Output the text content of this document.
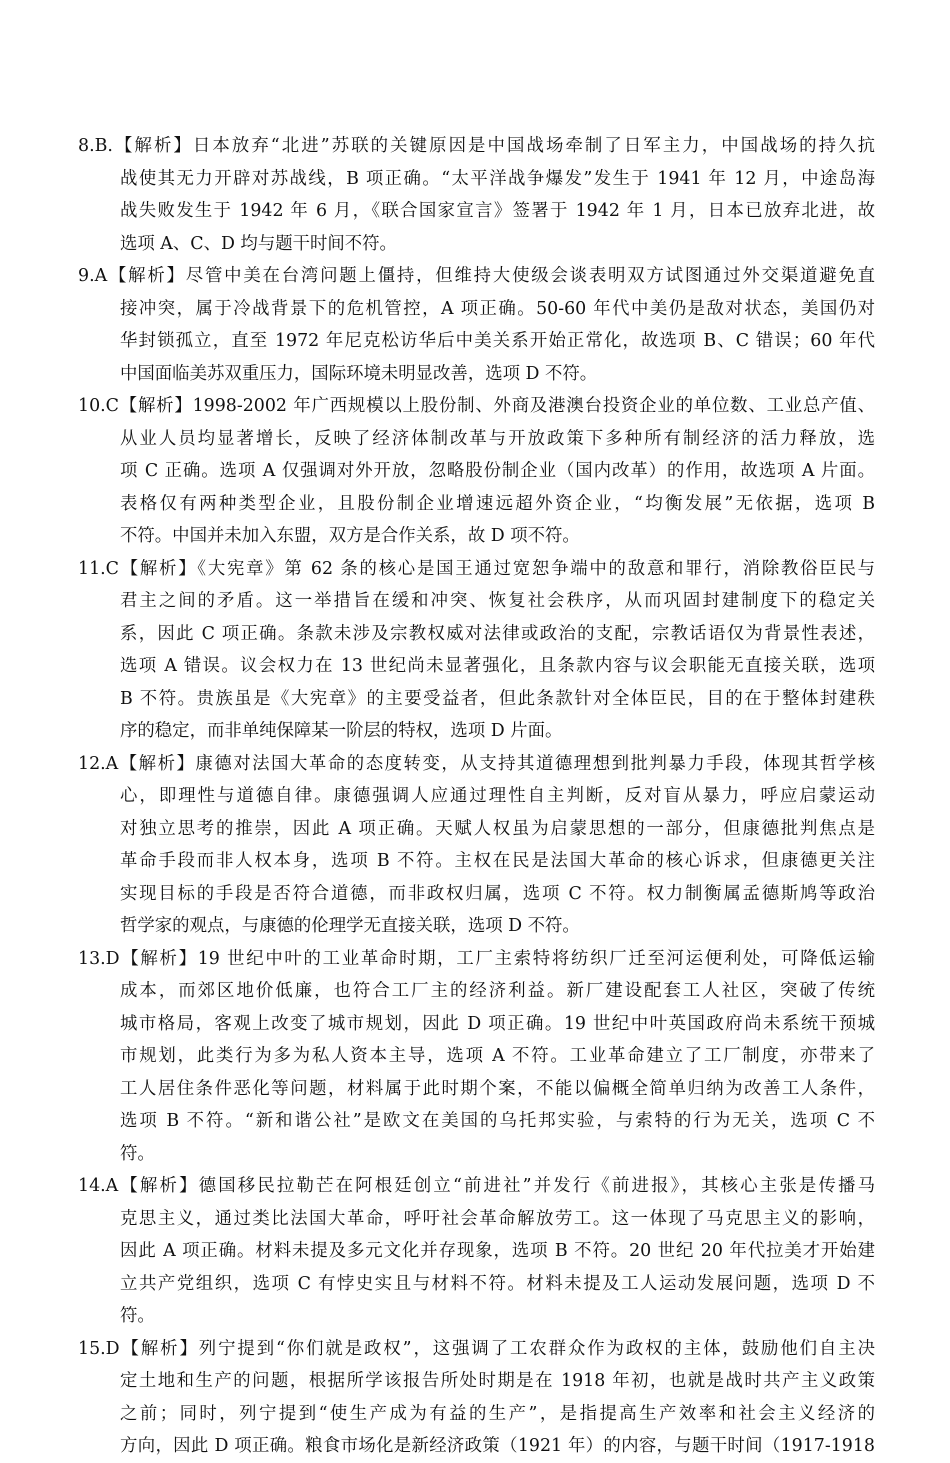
8.B.【解析】日本放弃“北进”苏联的关键原因是中国战场牵制了日军主力，中国战场的持久抗
战使其无力开辟对苏战线，B 项正确。“太平洋战争爆发”发生于 1941 年 12 月，中途岛海
战失败发生于 1942 年 6 月，《联合国家宣言》签署于 1942 年 1 月，日本已放弃北进，故
选项 A、C、D 均与题干时间不符。
9.A【解析】尽管中美在台湾问题上僵持，但维持大使级会谈表明双方试图通过外交渠道避免直
接冲突，属于冷战背景下的危机管控，A 项正确。50-60 年代中美仍是敌对状态，美国仍对
华封锁孤立，直至 1972 年尼克松访华后中美关系开始正常化，故选项 B、C 错误；60 年代
中国面临美苏双重压力，国际环境未明显改善，选项 D 不符。
10.C【解析】1998-2002 年广西规模以上股份制、外商及港澳台投资企业的单位数、工业总产值、
从业人员均显著增长，反映了经济体制改革与开放政策下多种所有制经济的活力释放，选
项 C 正确。选项 A 仅强调对外开放，忽略股份制企业（国内改革）的作用，故选项 A 片面。
表格仅有两种类型企业，且股份制企业增速远超外资企业，“均衡发展”无依据，选项 B
不符。中国并未加入东盟，双方是合作关系，故 D 项不符。
11.C【解析】《大宪章》第 62 条的核心是国王通过宽恕争端中的敌意和罪行，消除教俗臣民与
君主之间的矛盾。这一举措旨在缓和冲突、恢复社会秩序，从而巩固封建制度下的稳定关
系，因此 C 项正确。条款未涉及宗教权威对法律或政治的支配，宗教话语仅为背景性表述，
选项 A 错误。议会权力在 13 世纪尚未显著强化，且条款内容与议会职能无直接关联，选项
B 不符。贵族虽是《大宪章》的主要受益者，但此条款针对全体臣民，目的在于整体封建秩
序的稳定，而非单纯保障某一阶层的特权，选项 D 片面。
12.A【解析】康德对法国大革命的态度转变，从支持其道德理想到批判暴力手段，体现其哲学核
心，即理性与道德自律。康德强调人应通过理性自主判断，反对盲从暴力，呼应启蒙运动
对独立思考的推崇，因此 A 项正确。天赋人权虽为启蒙思想的一部分，但康德批判焦点是
革命手段而非人权本身，选项 B 不符。主权在民是法国大革命的核心诉求，但康德更关注
实现目标的手段是否符合道德，而非政权归属，选项 C 不符。权力制衡属孟德斯鸠等政治
哲学家的观点，与康德的伦理学无直接关联，选项 D 不符。
13.D【解析】19 世纪中叶的工业革命时期，工厂主索特将纺织厂迁至河运便利处，可降低运输
成本，而郊区地价低廉，也符合工厂主的经济利益。新厂建设配套工人社区，突破了传统
城市格局，客观上改变了城市规划，因此 D 项正确。19 世纪中叶英国政府尚未系统干预城
市规划，此类行为多为私人资本主导，选项 A 不符。工业革命建立了工厂制度，亦带来了
工人居住条件恶化等问题，材料属于此时期个案，不能以偏概全简单归纳为改善工人条件，
选项 B 不符。“新和谐公社”是欧文在美国的乌托邦实验，与索特的行为无关，选项 C 不
符。
14.A【解析】德国移民拉勒芒在阿根廷创立“前进社”并发行《前进报》，其核心主张是传播马
克思主义，通过类比法国大革命，呼吁社会革命解放劳工。这一体现了马克思主义的影响，
因此 A 项正确。材料未提及多元文化并存现象，选项 B 不符。20 世纪 20 年代拉美才开始建
立共产党组织，选项 C 有悖史实且与材料不符。材料未提及工人运动发展问题，选项 D 不
符。
15.D【解析】列宁提到“你们就是政权”，这强调了工农群众作为政权的主体，鼓励他们自主决
定土地和生产的问题，根据所学该报告所处时期是在 1918 年初，也就是战时共产主义政策
之前；同时，列宁提到“使生产成为有益的生产”，是指提高生产效率和社会主义经济的
方向，因此 D 项正确。粮食市场化是新经济政策（1921 年）的内容，与题干时间（1917-1918
